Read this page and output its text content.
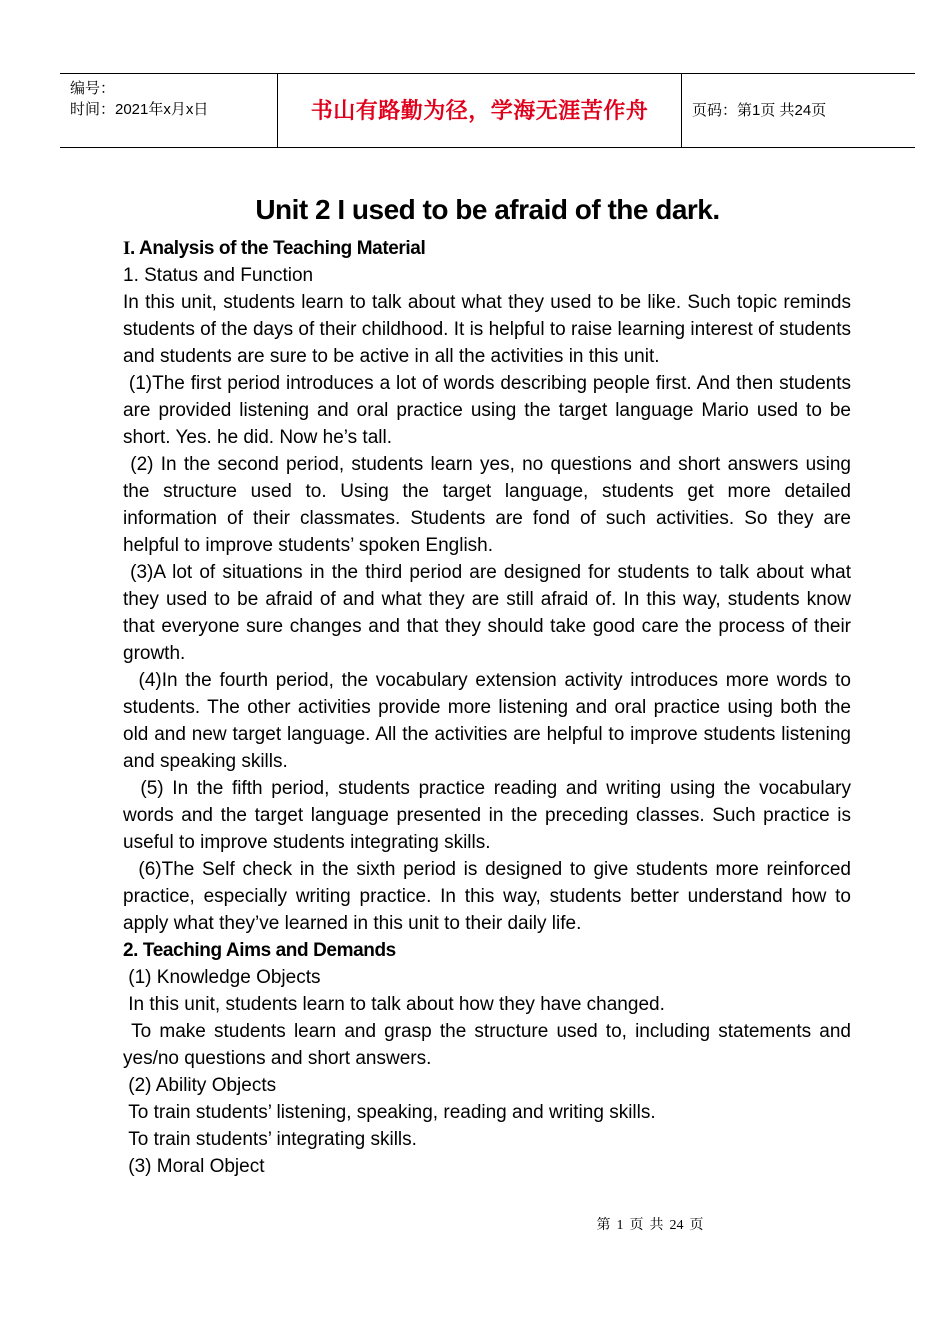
编号：
时间：2021年x月x日	书山有路勤为径，学海无涯苦作舟	页码：第1页 共24页
Unit 2 I used to be afraid of the dark.

I. Analysis of the Teaching Material

1. Status and Function

In this unit, students learn to talk about what they used to be like. Such topic reminds students of the days of their childhood. It is helpful to raise learning interest of students and students are sure to be active in all the activities in this unit.

(1)The first period introduces a lot of words describing people first. And then students are provided listening and oral practice using the target language Mario used to be short. Yes. he did. Now he’s tall.

(2) In the second period, students learn yes, no questions and short answers using the structure used to. Using the target language, students get more detailed information of their classmates. Students are fond of such activities. So they are helpful to improve students’ spoken English.

(3)A lot of situations in the third period are designed for students to talk about what they used to be afraid of and what they are still afraid of. In this way, students know that everyone sure changes and that they should take good care the process of their growth.

(4)In the fourth period, the vocabulary extension activity introduces more words to students. The other activities provide more listening and oral practice using both the old and new target language. All the activities are helpful to improve students listening and speaking skills.

(5) In the fifth period, students practice reading and writing using the vocabulary words and the target language presented in the preceding classes. Such practice is useful to improve students integrating skills.

(6)The Self check in the sixth period is designed to give students more reinforced practice, especially writing practice. In this way, students better understand how to apply what they’ve learned in this unit to their daily life.

2. Teaching Aims and Demands

(1) Knowledge Objects

In this unit, students learn to talk about how they have changed.

To make students learn and grasp the structure used to, including statements and yes/no questions and short answers.

(2) Ability Objects

To train students’ listening, speaking, reading and writing skills.

To train students’ integrating skills.

(3) Moral Object

第 1 页 共 24 页
